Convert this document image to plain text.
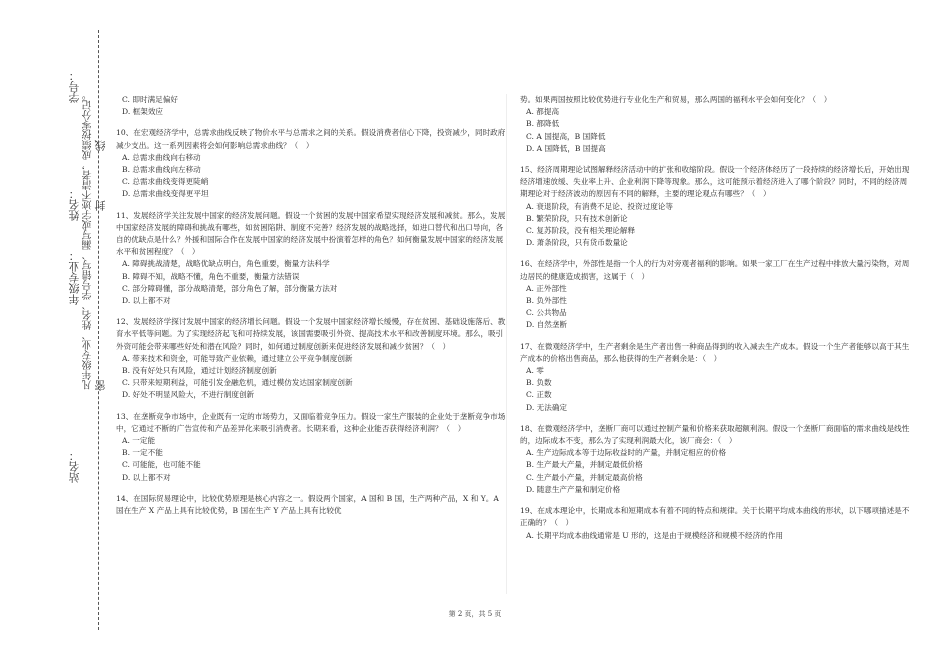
学号：
姓名：
年级专业：
站名：
凡年级专业、姓名、学号错写、漏写或字迹不清者，成绩按零分记。 密
封
线
C. 即时满足偏好
D. 框架效应
10、在宏观经济学中，总需求曲线反映了物价水平与总需求之间的关系。假设消费者信心下降，投资减少，同时政府减少支出。这一系列因素将会如何影响总需求曲线？（　）
A. 总需求曲线向右移动
B. 总需求曲线向左移动
C. 总需求曲线变得更陡峭
D. 总需求曲线变得更平坦
11、发展经济学关注发展中国家的经济发展问题。假设一个贫困的发展中国家希望实现经济发展和减贫。那么，发展中国家经济发展的障碍和挑战有哪些，如贫困陷阱、制度不完善？经济发展的战略选择，如进口替代和出口导向，各自的优缺点是什么？外援和国际合作在发展中国家的经济发展中扮演着怎样的角色？如何衡量发展中国家的经济发展水平和贫困程度？（　）
A. 障碍挑战清楚，战略优缺点明白，角色重要，衡量方法科学
B. 障碍不知，战略不懂，角色不重要，衡量方法错误
C. 部分障碍懂，部分战略清楚，部分角色了解，部分衡量方法对
D. 以上都不对
12、发展经济学探讨发展中国家的经济增长问题。假设一个发展中国家经济增长缓慢，存在贫困、基础设施落后、教育水平低等问题。为了实现经济起飞和可持续发展，该国需要吸引外资、提高技术水平和改善制度环境。那么，吸引外资可能会带来哪些好处和潜在风险？同时，如何通过制度创新来促进经济发展和减少贫困？（　）
A. 带来技术和资金，可能导致产业依赖，通过建立公平竞争制度创新
B. 没有好处只有风险，通过计划经济制度创新
C. 只带来短期利益，可能引发金融危机，通过模仿发达国家制度创新
D. 好处不明显风险大，不进行制度创新
13、在垄断竞争市场中，企业既有一定的市场势力，又面临着竞争压力。假设一家生产服装的企业处于垄断竞争市场中，它通过不断的广告宣传和产品差异化来吸引消费者。长期来看，这种企业能否获得经济利润？（　）
A. 一定能
B. 一定不能
C. 可能能，也可能不能
D. 以上都不对
14、在国际贸易理论中，比较优势原理是核心内容之一。假设两个国家，A 国和 B 国，生产两种产品，X 和 Y。A 国在生产 X 产品上具有比较优势，B 国在生产 Y 产品上具有比较优
势。如果两国按照比较优势进行专业化生产和贸易，那么两国的福利水平会如何变化？（　）
A. 都提高
B. 都降低
C. A 国提高，B 国降低
D. A 国降低，B 国提高
15、经济周期理论试图解释经济活动中的扩张和收缩阶段。假设一个经济体经历了一段持续的经济增长后，开始出现经济增速放缓、失业率上升、企业利润下降等现象。那么，这可能预示着经济进入了哪个阶段？同时，不同的经济周期理论对于经济波动的原因有不同的解释，主要的理论观点有哪些？（　）
A. 衰退阶段，有消费不足论、投资过度论等
B. 繁荣阶段，只有技术创新论
C. 复苏阶段，没有相关理论解释
D. 萧条阶段，只有货币数量论
16、在经济学中，外部性是指一个人的行为对旁观者福利的影响。如果一家工厂在生产过程中排放大量污染物，对周边居民的健康造成损害，这属于（　）
A. 正外部性
B. 负外部性
C. 公共物品
D. 自然垄断
17、在微观经济学中，生产者剩余是生产者出售一种商品得到的收入减去生产成本。假设一个生产者能够以高于其生产成本的价格出售商品，那么他获得的生产者剩余是：（　）
A. 零
B. 负数
C. 正数
D. 无法确定
18、在微观经济学中，垄断厂商可以通过控制产量和价格来获取超额利润。假设一个垄断厂商面临的需求曲线是线性的，边际成本不变，那么为了实现利润最大化，该厂商会：（　）
A. 生产边际成本等于边际收益时的产量，并制定相应的价格
B. 生产最大产量，并制定最低价格
C. 生产最小产量，并制定最高价格
D. 随意生产产量和制定价格
19、在成本理论中，长期成本和短期成本有着不同的特点和规律。关于长期平均成本曲线的形状，以下哪项描述是不正确的？（　）
A. 长期平均成本曲线通常是 U 形的，这是由于规模经济和规模不经济的作用
第 2 页，共 5 页
